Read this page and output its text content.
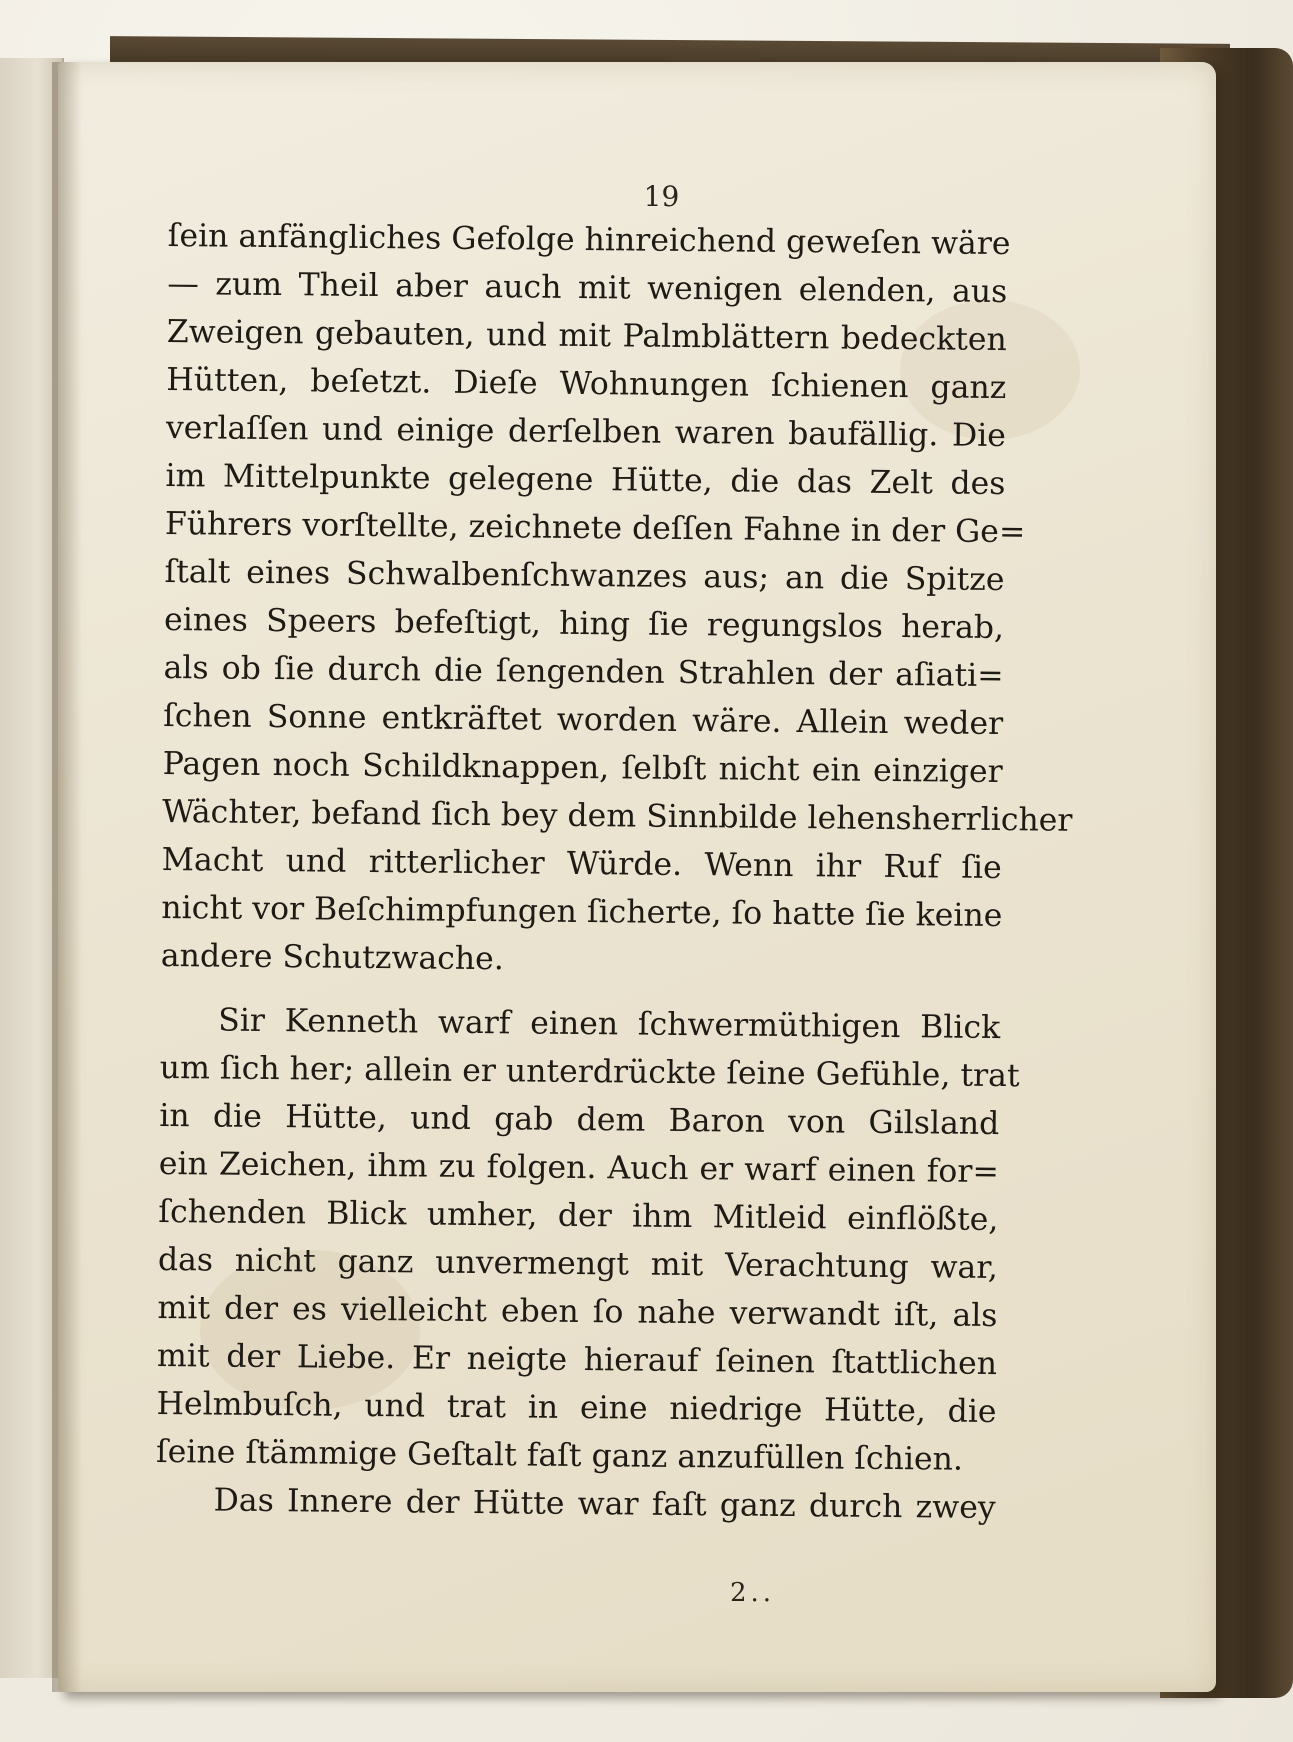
19
ſein anfängliches Gefolge hinreichend geweſen wäre
— zum Theil aber auch mit wenigen elenden, aus
Zweigen gebauten, und mit Palmblättern bedeckten
Hütten, beſetzt. Dieſe Wohnungen ſchienen ganz
verlaſſen und einige derſelben waren baufällig. Die
im Mittelpunkte gelegene Hütte, die das Zelt des
Führers vorſtellte, zeichnete deſſen Fahne in der Ge=
ſtalt eines Schwalbenſchwanzes aus; an die Spitze
eines Speers befeſtigt, hing ſie regungslos herab,
als ob ſie durch die ſengenden Strahlen der aſiati=
ſchen Sonne entkräftet worden wäre. Allein weder
Pagen noch Schildknappen, ſelbſt nicht ein einziger
Wächter, befand ſich bey dem Sinnbilde lehensherrlicher
Macht und ritterlicher Würde. Wenn ihr Ruf ſie
nicht vor Beſchimpfungen ſicherte, ſo hatte ſie keine
andere Schutzwache.
Sir Kenneth warf einen ſchwermüthigen Blick
um ſich her; allein er unterdrückte ſeine Gefühle, trat
in die Hütte, und gab dem Baron von Gilsland
ein Zeichen, ihm zu folgen. Auch er warf einen for=
ſchenden Blick umher, der ihm Mitleid einflößte,
das nicht ganz unvermengt mit Verachtung war,
mit der es vielleicht eben ſo nahe verwandt iſt, als
mit der Liebe. Er neigte hierauf ſeinen ſtattlichen
Helmbuſch, und trat in eine niedrige Hütte, die
ſeine ſtämmige Geſtalt faſt ganz anzufüllen ſchien.
Das Innere der Hütte war faſt ganz durch zwey
2..
